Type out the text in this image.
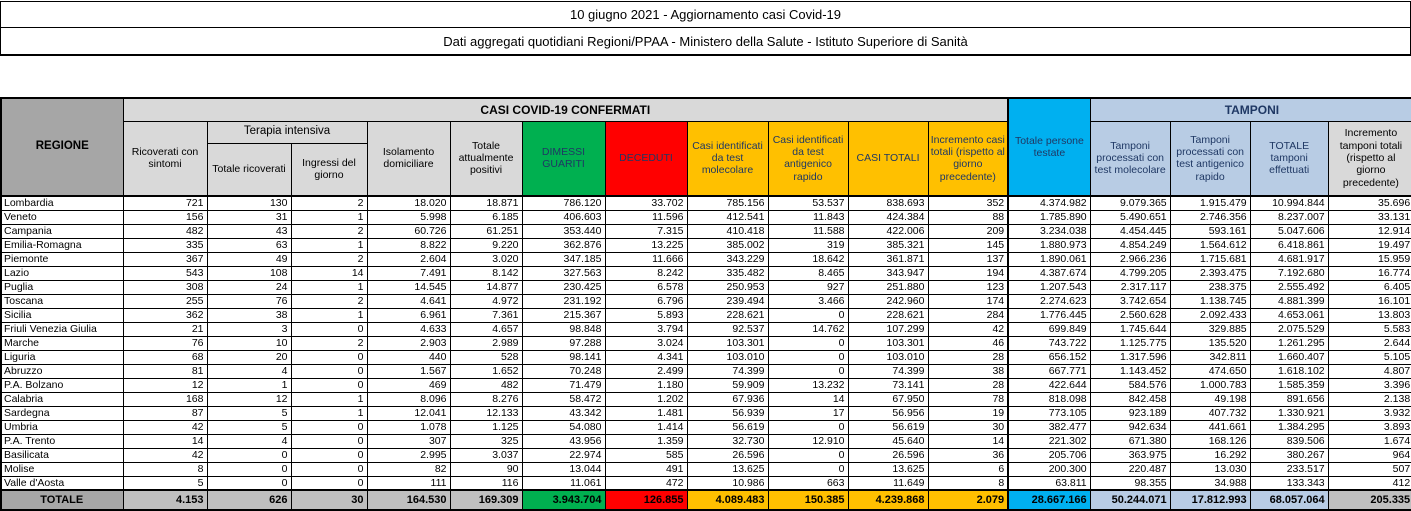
10 giugno 2021 - Aggiornamento casi Covid-19
Dati aggregati quotidiani Regioni/PPAA - Ministero della Salute - Istituto Superiore di Sanità
REGIONE	CASI COVID-19 CONFERMATI											Totale persone testate	TAMPONI			
	Ricoverati con sintomi	Terapia intensiva		Isolamento domiciliare	Totale attualmente positivi	DIMESSI GUARITI	DECEDUTI	Casi identificati da test molecolare	Casi identificati da test antigenico rapido	CASI TOTALI	Incremento casi totali (rispetto al giorno precedente)		Tamponi processati con test molecolare	Tamponi processati con test antigenico rapido	TOTALE tamponi effettuati	Incremento tamponi totali (rispetto al giorno precedente)
		Totale ricoverati	Ingressi del giorno													
Lombardia	721	130	2	18.020	18.871	786.120	33.702	785.156	53.537	838.693	352	4.374.982	9.079.365	1.915.479	10.994.844	35.696
Veneto	156	31	1	5.998	6.185	406.603	11.596	412.541	11.843	424.384	88	1.785.890	5.490.651	2.746.356	8.237.007	33.131
Campania	482	43	2	60.726	61.251	353.440	7.315	410.418	11.588	422.006	209	3.234.038	4.454.445	593.161	5.047.606	12.914
Emilia-Romagna	335	63	1	8.822	9.220	362.876	13.225	385.002	319	385.321	145	1.880.973	4.854.249	1.564.612	6.418.861	19.497
Piemonte	367	49	2	2.604	3.020	347.185	11.666	343.229	18.642	361.871	137	1.890.061	2.966.236	1.715.681	4.681.917	15.959
Lazio	543	108	14	7.491	8.142	327.563	8.242	335.482	8.465	343.947	194	4.387.674	4.799.205	2.393.475	7.192.680	16.774
Puglia	308	24	1	14.545	14.877	230.425	6.578	250.953	927	251.880	123	1.207.543	2.317.117	238.375	2.555.492	6.405
Toscana	255	76	2	4.641	4.972	231.192	6.796	239.494	3.466	242.960	174	2.274.623	3.742.654	1.138.745	4.881.399	16.101
Sicilia	362	38	1	6.961	7.361	215.367	5.893	228.621	0	228.621	284	1.776.445	2.560.628	2.092.433	4.653.061	13.803
Friuli Venezia Giulia	21	3	0	4.633	4.657	98.848	3.794	92.537	14.762	107.299	42	699.849	1.745.644	329.885	2.075.529	5.583
Marche	76	10	2	2.903	2.989	97.288	3.024	103.301	0	103.301	46	743.722	1.125.775	135.520	1.261.295	2.644
Liguria	68	20	0	440	528	98.141	4.341	103.010	0	103.010	28	656.152	1.317.596	342.811	1.660.407	5.105
Abruzzo	81	4	0	1.567	1.652	70.248	2.499	74.399	0	74.399	38	667.771	1.143.452	474.650	1.618.102	4.807
P.A. Bolzano	12	1	0	469	482	71.479	1.180	59.909	13.232	73.141	28	422.644	584.576	1.000.783	1.585.359	3.396
Calabria	168	12	1	8.096	8.276	58.472	1.202	67.936	14	67.950	78	818.098	842.458	49.198	891.656	2.138
Sardegna	87	5	1	12.041	12.133	43.342	1.481	56.939	17	56.956	19	773.105	923.189	407.732	1.330.921	3.932
Umbria	42	5	0	1.078	1.125	54.080	1.414	56.619	0	56.619	30	382.477	942.634	441.661	1.384.295	3.893
P.A. Trento	14	4	0	307	325	43.956	1.359	32.730	12.910	45.640	14	221.302	671.380	168.126	839.506	1.674
Basilicata	42	0	0	2.995	3.037	22.974	585	26.596	0	26.596	36	205.706	363.975	16.292	380.267	964
Molise	8	0	0	82	90	13.044	491	13.625	0	13.625	6	200.300	220.487	13.030	233.517	507
Valle d'Aosta	5	0	0	111	116	11.061	472	10.986	663	11.649	8	63.811	98.355	34.988	133.343	412
TOTALE	4.153	626	30	164.530	169.309	3.943.704	126.855	4.089.483	150.385	4.239.868	2.079	28.667.166	50.244.071	17.812.993	68.057.064	205.335
